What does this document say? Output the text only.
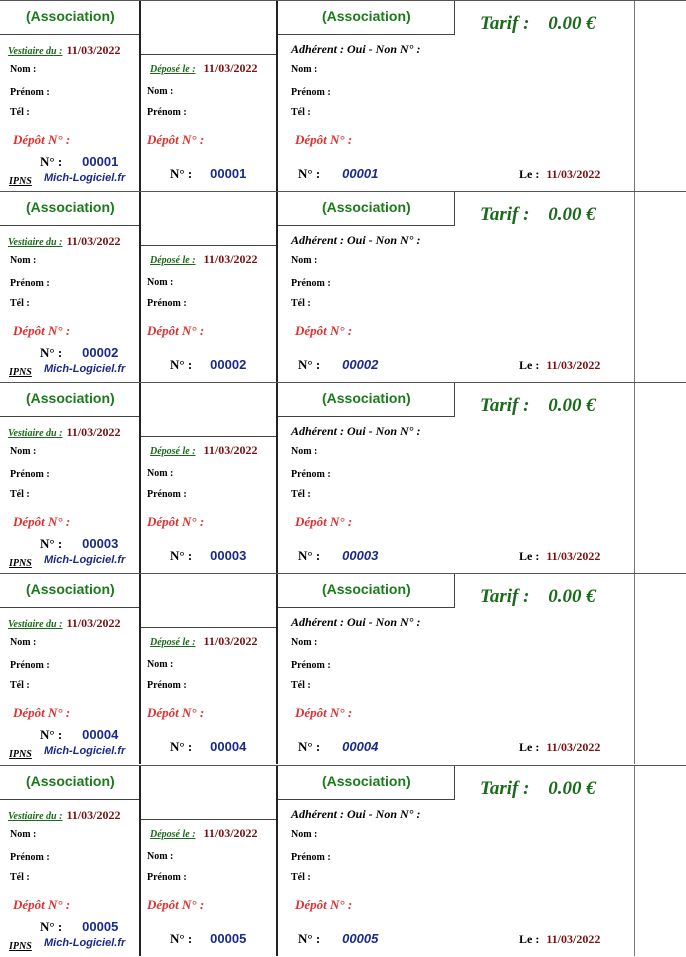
(Association)
Vestiaire du : 11/03/2022
Nom :
Prénom :
Tél :
Dépôt N° :
N° : 00001
IPNS Mich-Logiciel.fr
Déposé le : 11/03/2022
Nom :
Prénom :
Dépôt N° :
N° : 00001
(Association)	Tarif : 0.00 €
Adhérent : Oui - Non N° :
Nom :
Prénom :
Tél :
Dépôt N° :
N° : 00001	Le : 11/03/2022
(Association)
Vestiaire du : 11/03/2022
Nom :
Prénom :
Tél :
Dépôt N° :
N° : 00002
IPNS Mich-Logiciel.fr
Déposé le : 11/03/2022
Nom :
Prénom :
Dépôt N° :
N° : 00002
(Association)	Tarif : 0.00 €
Adhérent : Oui - Non N° :
Nom :
Prénom :
Tél :
Dépôt N° :
N° : 00002	Le : 11/03/2022
(Association)
Vestiaire du : 11/03/2022
Nom :
Prénom :
Tél :
Dépôt N° :
N° : 00003
IPNS Mich-Logiciel.fr
Déposé le : 11/03/2022
Nom :
Prénom :
Dépôt N° :
N° : 00003
(Association)	Tarif : 0.00 €
Adhérent : Oui - Non N° :
Nom :
Prénom :
Tél :
Dépôt N° :
N° : 00003	Le : 11/03/2022
(Association)
Vestiaire du : 11/03/2022
Nom :
Prénom :
Tél :
Dépôt N° :
N° : 00004
IPNS Mich-Logiciel.fr
Déposé le : 11/03/2022
Nom :
Prénom :
Dépôt N° :
N° : 00004
(Association)	Tarif : 0.00 €
Adhérent : Oui - Non N° :
Nom :
Prénom :
Tél :
Dépôt N° :
N° : 00004	Le : 11/03/2022
(Association)
Vestiaire du : 11/03/2022
Nom :
Prénom :
Tél :
Dépôt N° :
N° : 00005
IPNS Mich-Logiciel.fr
Déposé le : 11/03/2022
Nom :
Prénom :
Dépôt N° :
N° : 00005
(Association)	Tarif : 0.00 €
Adhérent : Oui - Non N° :
Nom :
Prénom :
Tél :
Dépôt N° :
N° : 00005	Le : 11/03/2022
